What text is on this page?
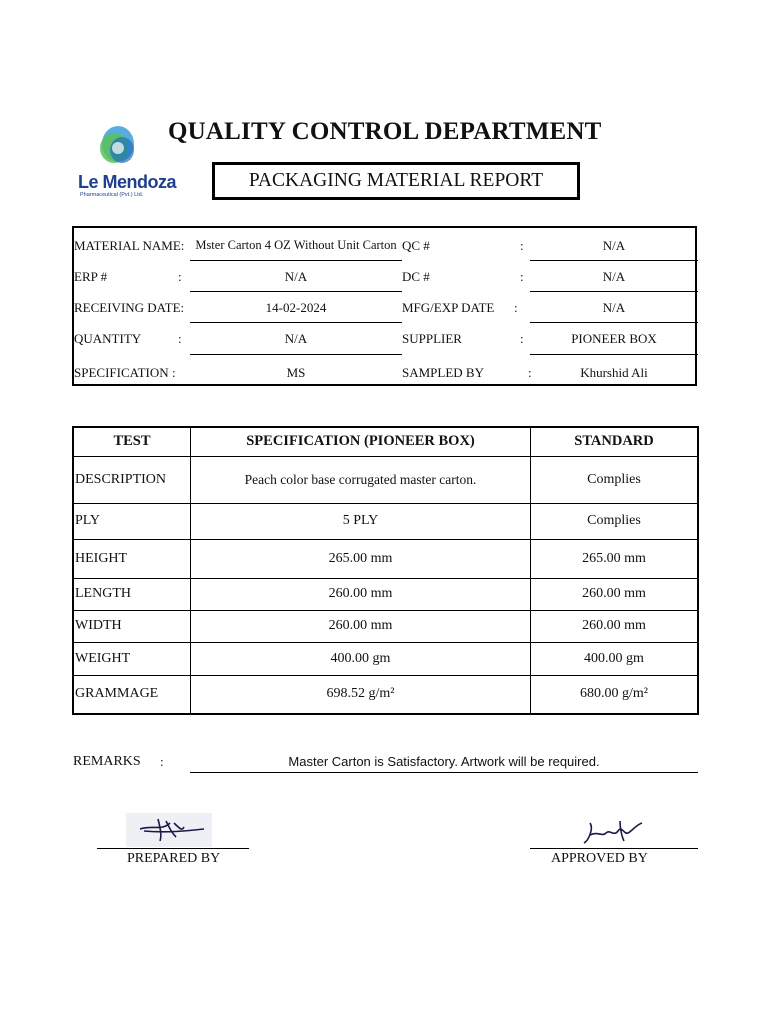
Le Mendoza
Pharmaceutical (Pvt.) Ltd.
QUALITY CONTROL DEPARTMENT
PACKAGING MATERIAL REPORT
MATERIAL NAME: Mster Carton 4 OZ Without Unit Carton QC #	:	N/A
ERP #	:	N/A	DC #	:	N/A
RECEIVING DATE:	14-02-2024	MFG/EXP DATE :	N/A
QUANTITY	:	N/A	SUPPLIER	:	PIONEER BOX
SPECIFICATION :	MS	SAMPLED BY	:	Khurshid Ali
TEST	SPECIFICATION (PIONEER BOX)	STANDARD
DESCRIPTION	Peach color base corrugated master carton.	Complies
PLY	5 PLY	Complies
HEIGHT	265.00 mm	265.00 mm
LENGTH	260.00 mm	260.00 mm
WIDTH	260.00 mm	260.00 mm
WEIGHT	400.00 gm	400.00 gm
GRAMMAGE	698.52 g/m²	680.00 g/m²
REMARKS :	Master Carton is Satisfactory. Artwork will be required.
PREPARED BY	APPROVED BY
